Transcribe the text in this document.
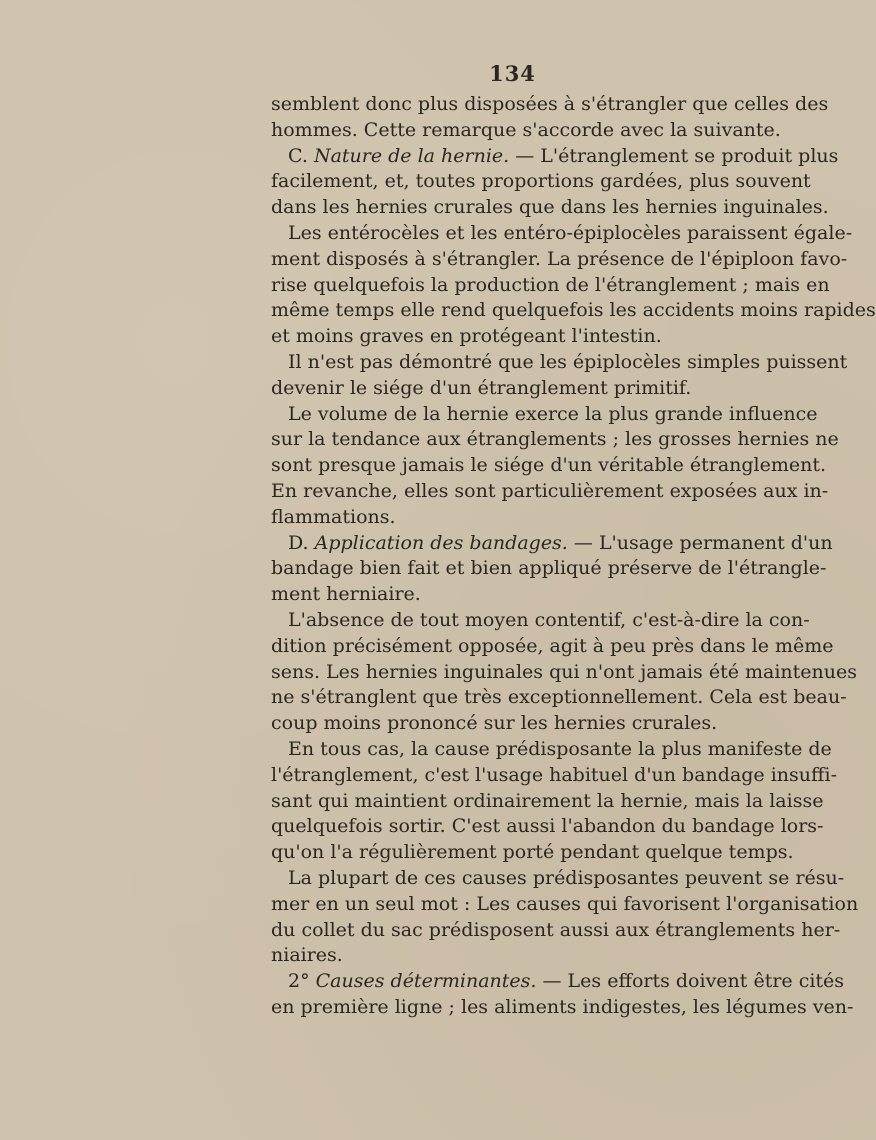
134
semblent donc plus disposées à s'étrangler que celles des
hommes. Cette remarque s'accorde avec la suivante.
C. Nature de la hernie. — L'étranglement se produit plus
facilement, et, toutes proportions gardées, plus souvent
dans les hernies crurales que dans les hernies inguinales.
Les entérocèles et les entéro-épiplocèles paraissent égale-
ment disposés à s'étrangler. La présence de l'épiploon favo-
rise quelquefois la production de l'étranglement ; mais en
même temps elle rend quelquefois les accidents moins rapides
et moins graves en protégeant l'intestin.
Il n'est pas démontré que les épiplocèles simples puissent
devenir le siége d'un étranglement primitif.
Le volume de la hernie exerce la plus grande influence
sur la tendance aux étranglements ; les grosses hernies ne
sont presque jamais le siége d'un véritable étranglement.
En revanche, elles sont particulièrement exposées aux in-
flammations.
D. Application des bandages. — L'usage permanent d'un
bandage bien fait et bien appliqué préserve de l'étrangle-
ment herniaire.
L'absence de tout moyen contentif, c'est-à-dire la con-
dition précisément opposée, agit à peu près dans le même
sens. Les hernies inguinales qui n'ont jamais été maintenues
ne s'étranglent que très exceptionnellement. Cela est beau-
coup moins prononcé sur les hernies crurales.
En tous cas, la cause prédisposante la plus manifeste de
l'étranglement, c'est l'usage habituel d'un bandage insuffi-
sant qui maintient ordinairement la hernie, mais la laisse
quelquefois sortir. C'est aussi l'abandon du bandage lors-
qu'on l'a régulièrement porté pendant quelque temps.
La plupart de ces causes prédisposantes peuvent se résu-
mer en un seul mot : Les causes qui favorisent l'organisation
du collet du sac prédisposent aussi aux étranglements her-
niaires.
2° Causes déterminantes. — Les efforts doivent être cités
en première ligne ; les aliments indigestes, les légumes ven-
